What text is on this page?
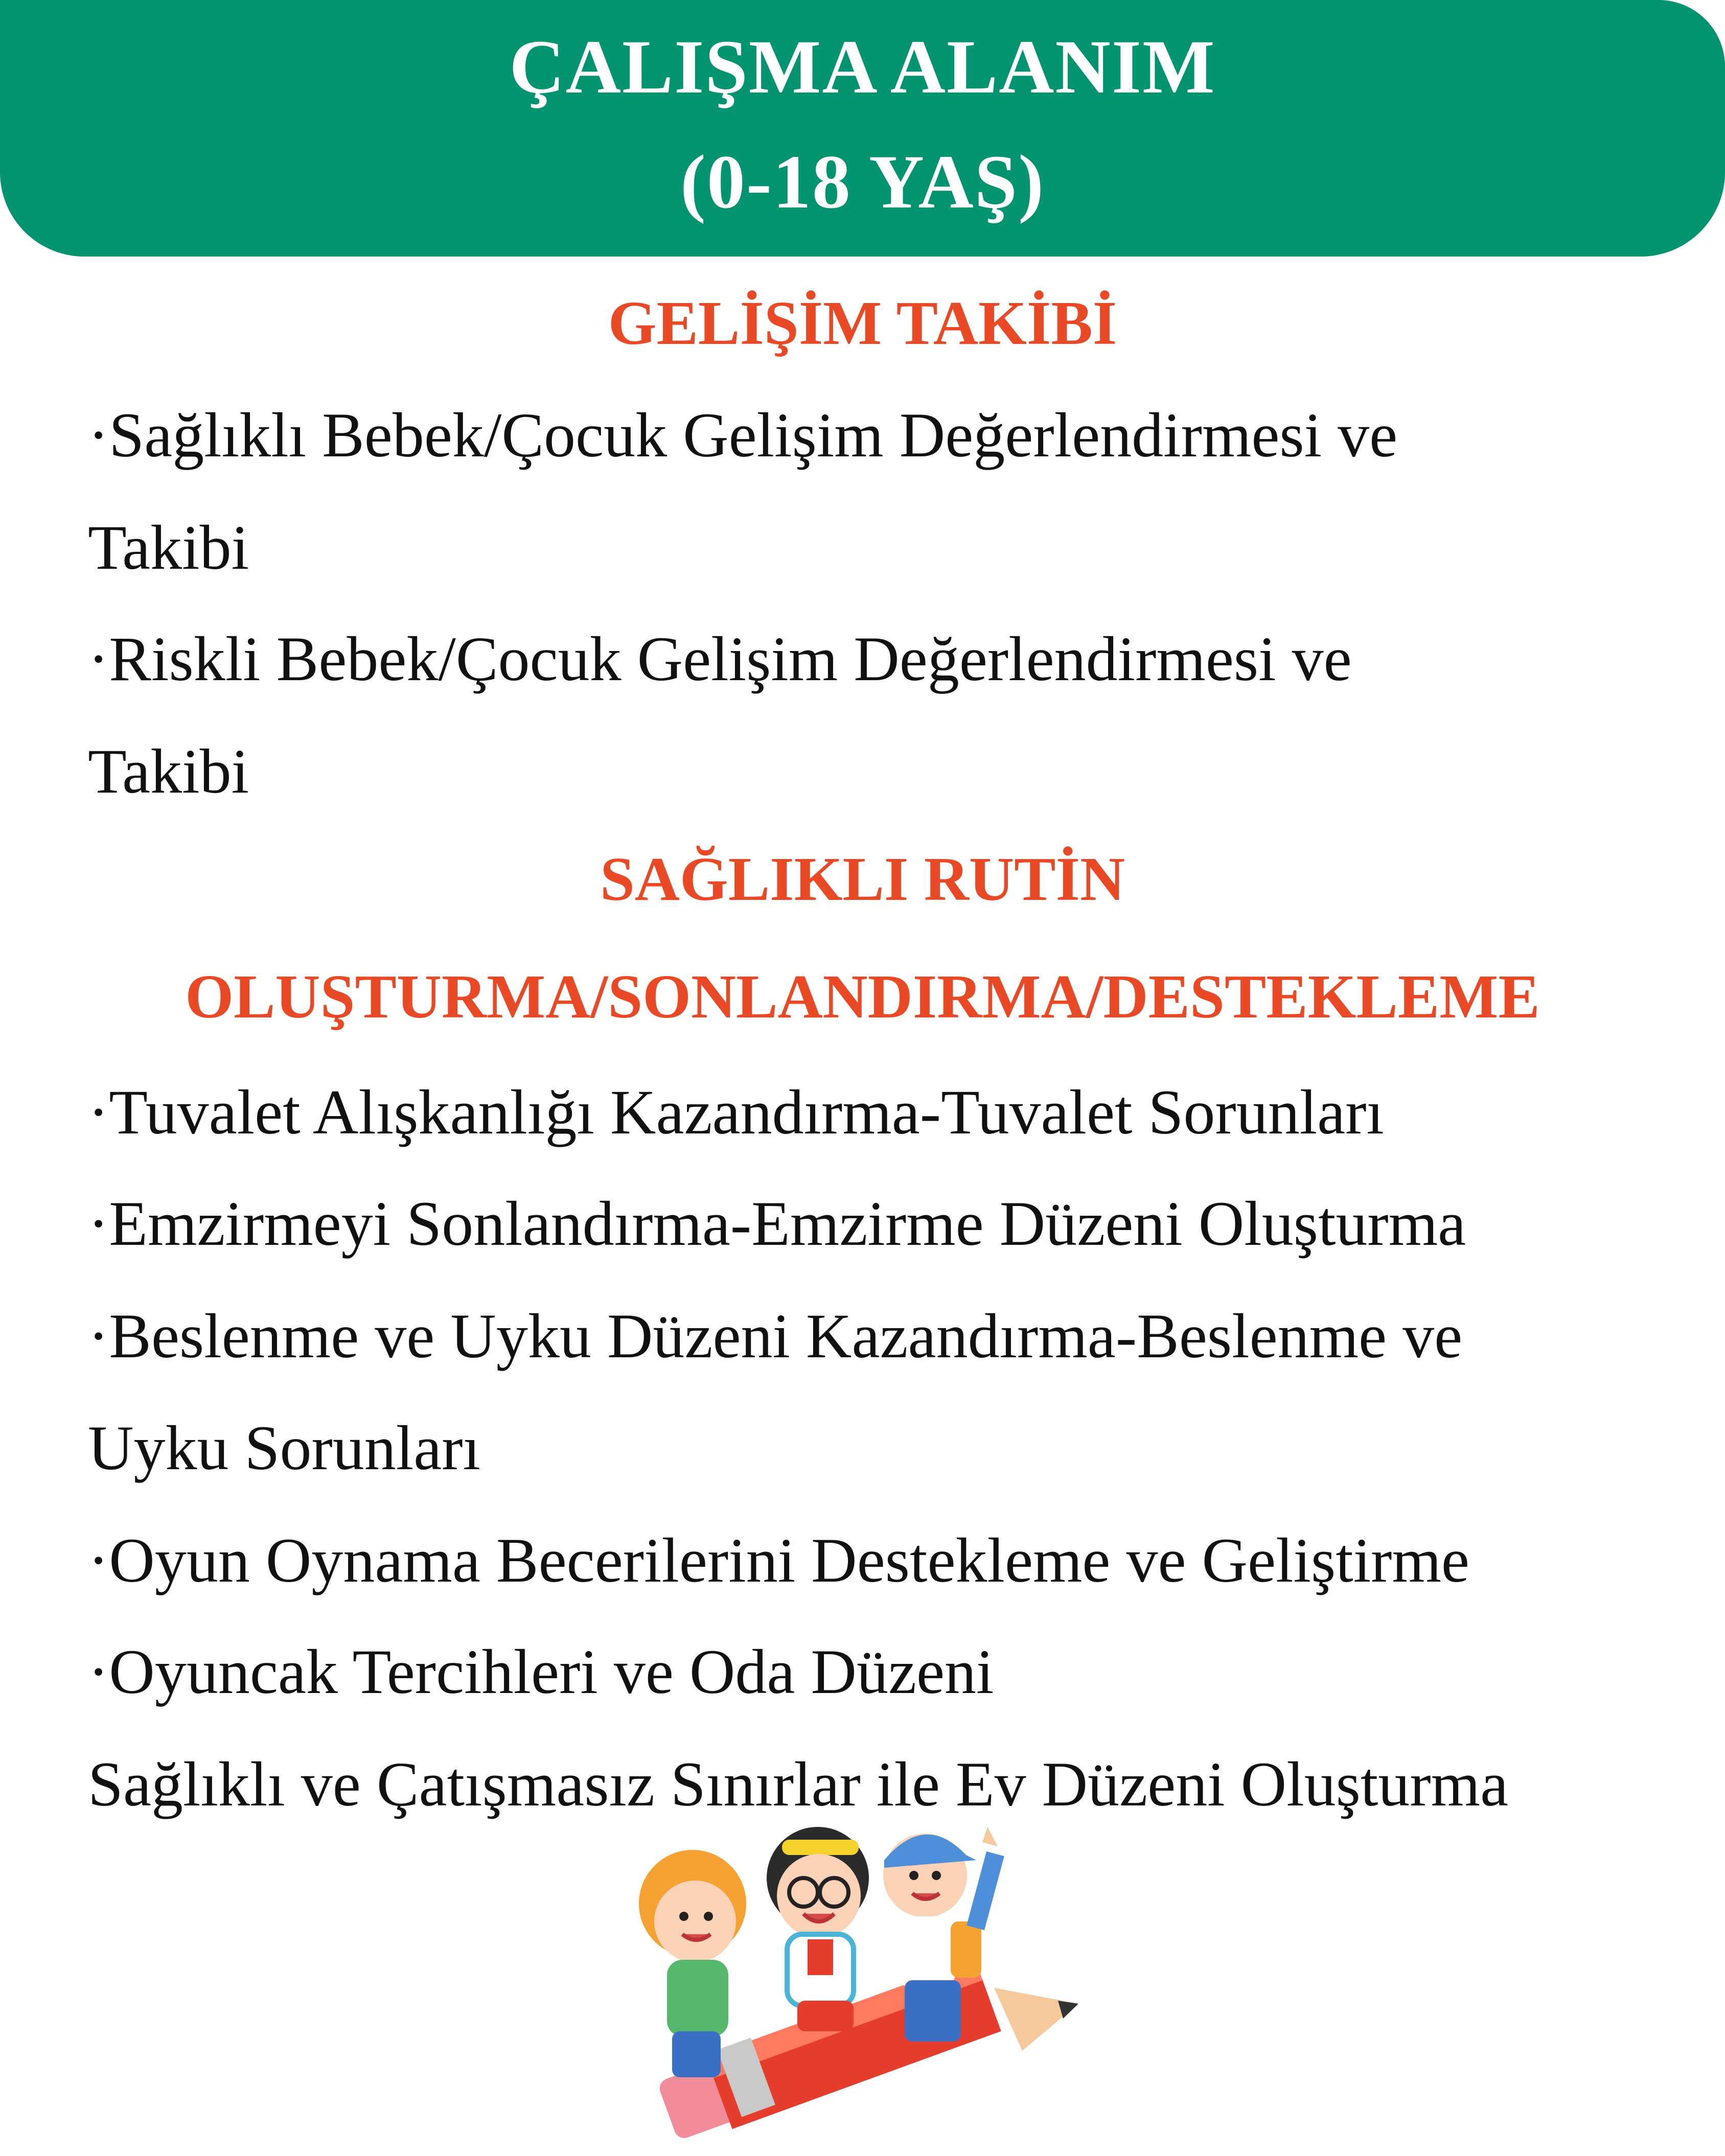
ÇALIŞMA ALANIM
(0-18 YAŞ)
GELİŞİM TAKİBİ
·Sağlıklı Bebek/Çocuk Gelişim Değerlendirmesi ve
Takibi
·Riskli Bebek/Çocuk Gelişim Değerlendirmesi ve
Takibi
SAĞLIKLI RUTİN
OLUŞTURMA/SONLANDIRMA/DESTEKLEME
·Tuvalet Alışkanlığı Kazandırma-Tuvalet Sorunları
·Emzirmeyi Sonlandırma-Emzirme Düzeni Oluşturma
·Beslenme ve Uyku Düzeni Kazandırma-Beslenme ve
Uyku Sorunları
·Oyun Oynama Becerilerini Destekleme ve Geliştirme
·Oyuncak Tercihleri ve Oda Düzeni
Sağlıklı ve Çatışmasız Sınırlar ile Ev Düzeni Oluşturma
